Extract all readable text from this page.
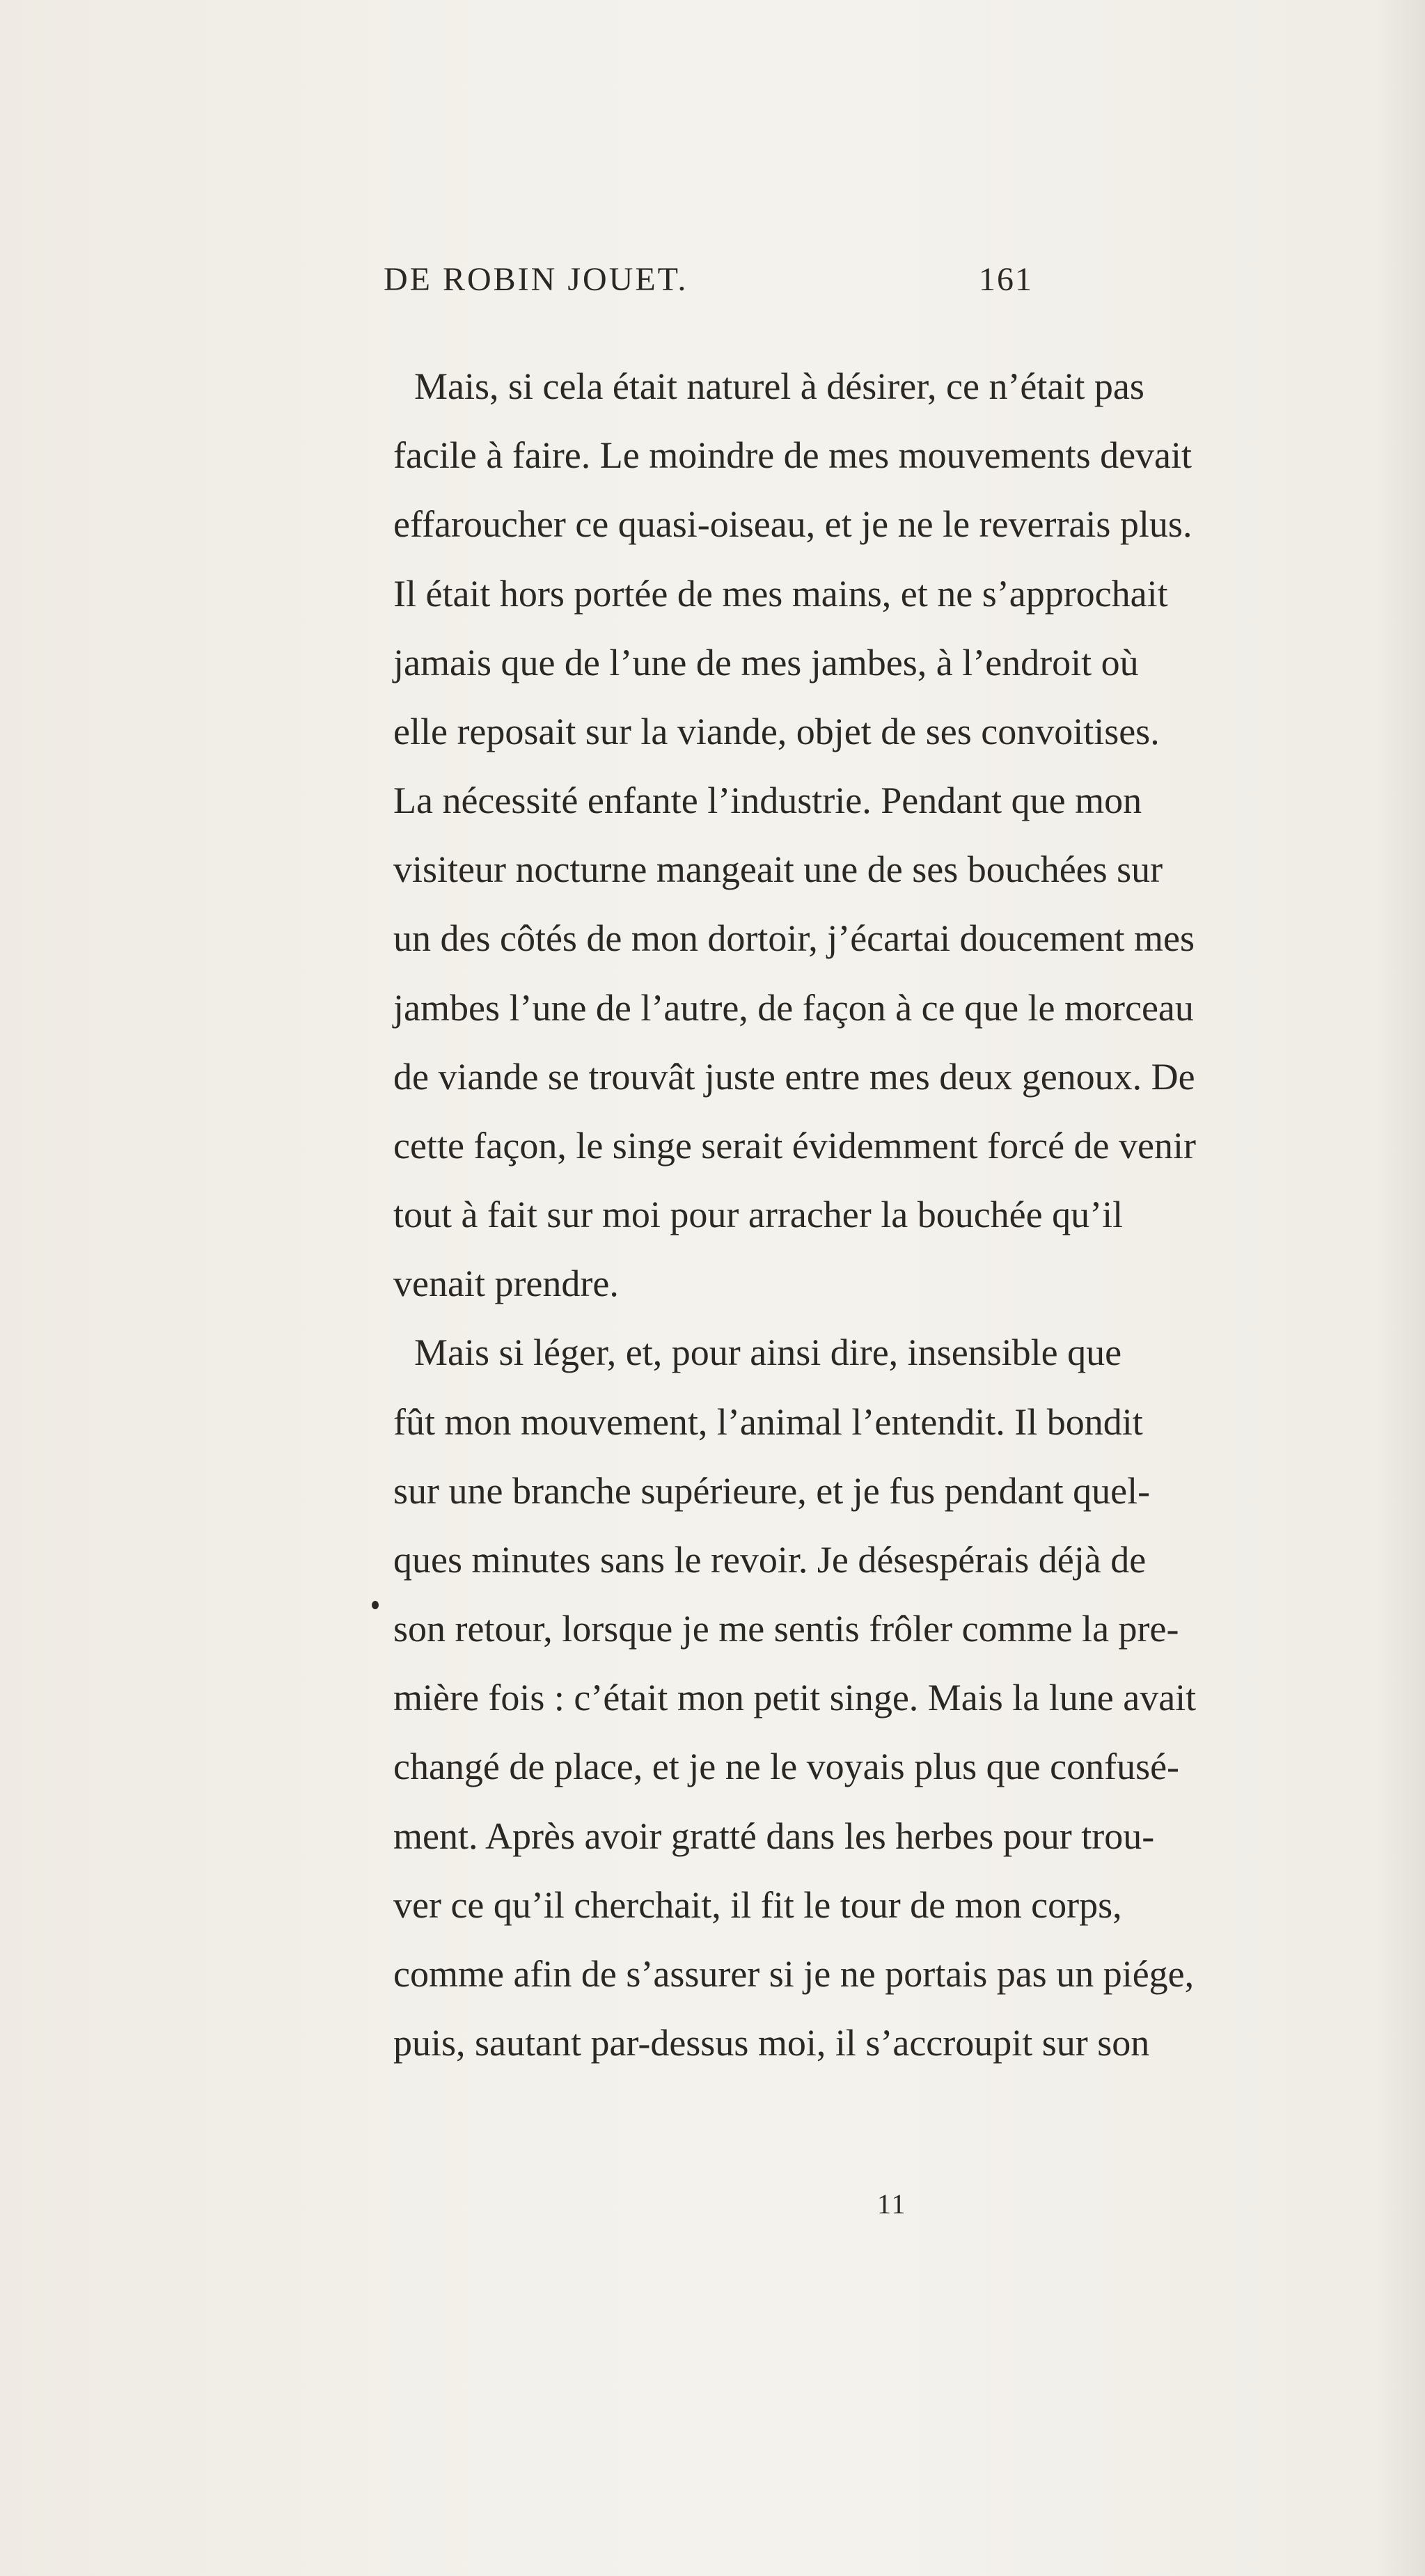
DE ROBIN JOUET.	161
Mais, si cela était naturel à désirer, ce n’était pas
facile à faire. Le moindre de mes mouvements devait
effaroucher ce quasi-oiseau, et je ne le reverrais plus.
Il était hors portée de mes mains, et ne s’approchait
jamais que de l’une de mes jambes, à l’endroit où
elle reposait sur la viande, objet de ses convoitises.
La nécessité enfante l’industrie. Pendant que mon
visiteur nocturne mangeait une de ses bouchées sur
un des côtés de mon dortoir, j’écartai doucement mes
jambes l’une de l’autre, de façon à ce que le morceau
de viande se trouvât juste entre mes deux genoux. De
cette façon, le singe serait évidemment forcé de venir
tout à fait sur moi pour arracher la bouchée qu’il
venait prendre.
Mais si léger, et, pour ainsi dire, insensible que
fût mon mouvement, l’animal l’entendit. Il bondit
sur une branche supérieure, et je fus pendant quel-
ques minutes sans le revoir. Je désespérais déjà de
son retour, lorsque je me sentis frôler comme la pre-
mière fois : c’était mon petit singe. Mais la lune avait
changé de place, et je ne le voyais plus que confusé-
ment. Après avoir gratté dans les herbes pour trou-
ver ce qu’il cherchait, il fit le tour de mon corps,
comme afin de s’assurer si je ne portais pas un piége,
puis, sautant par-dessus moi, il s’accroupit sur son
11
